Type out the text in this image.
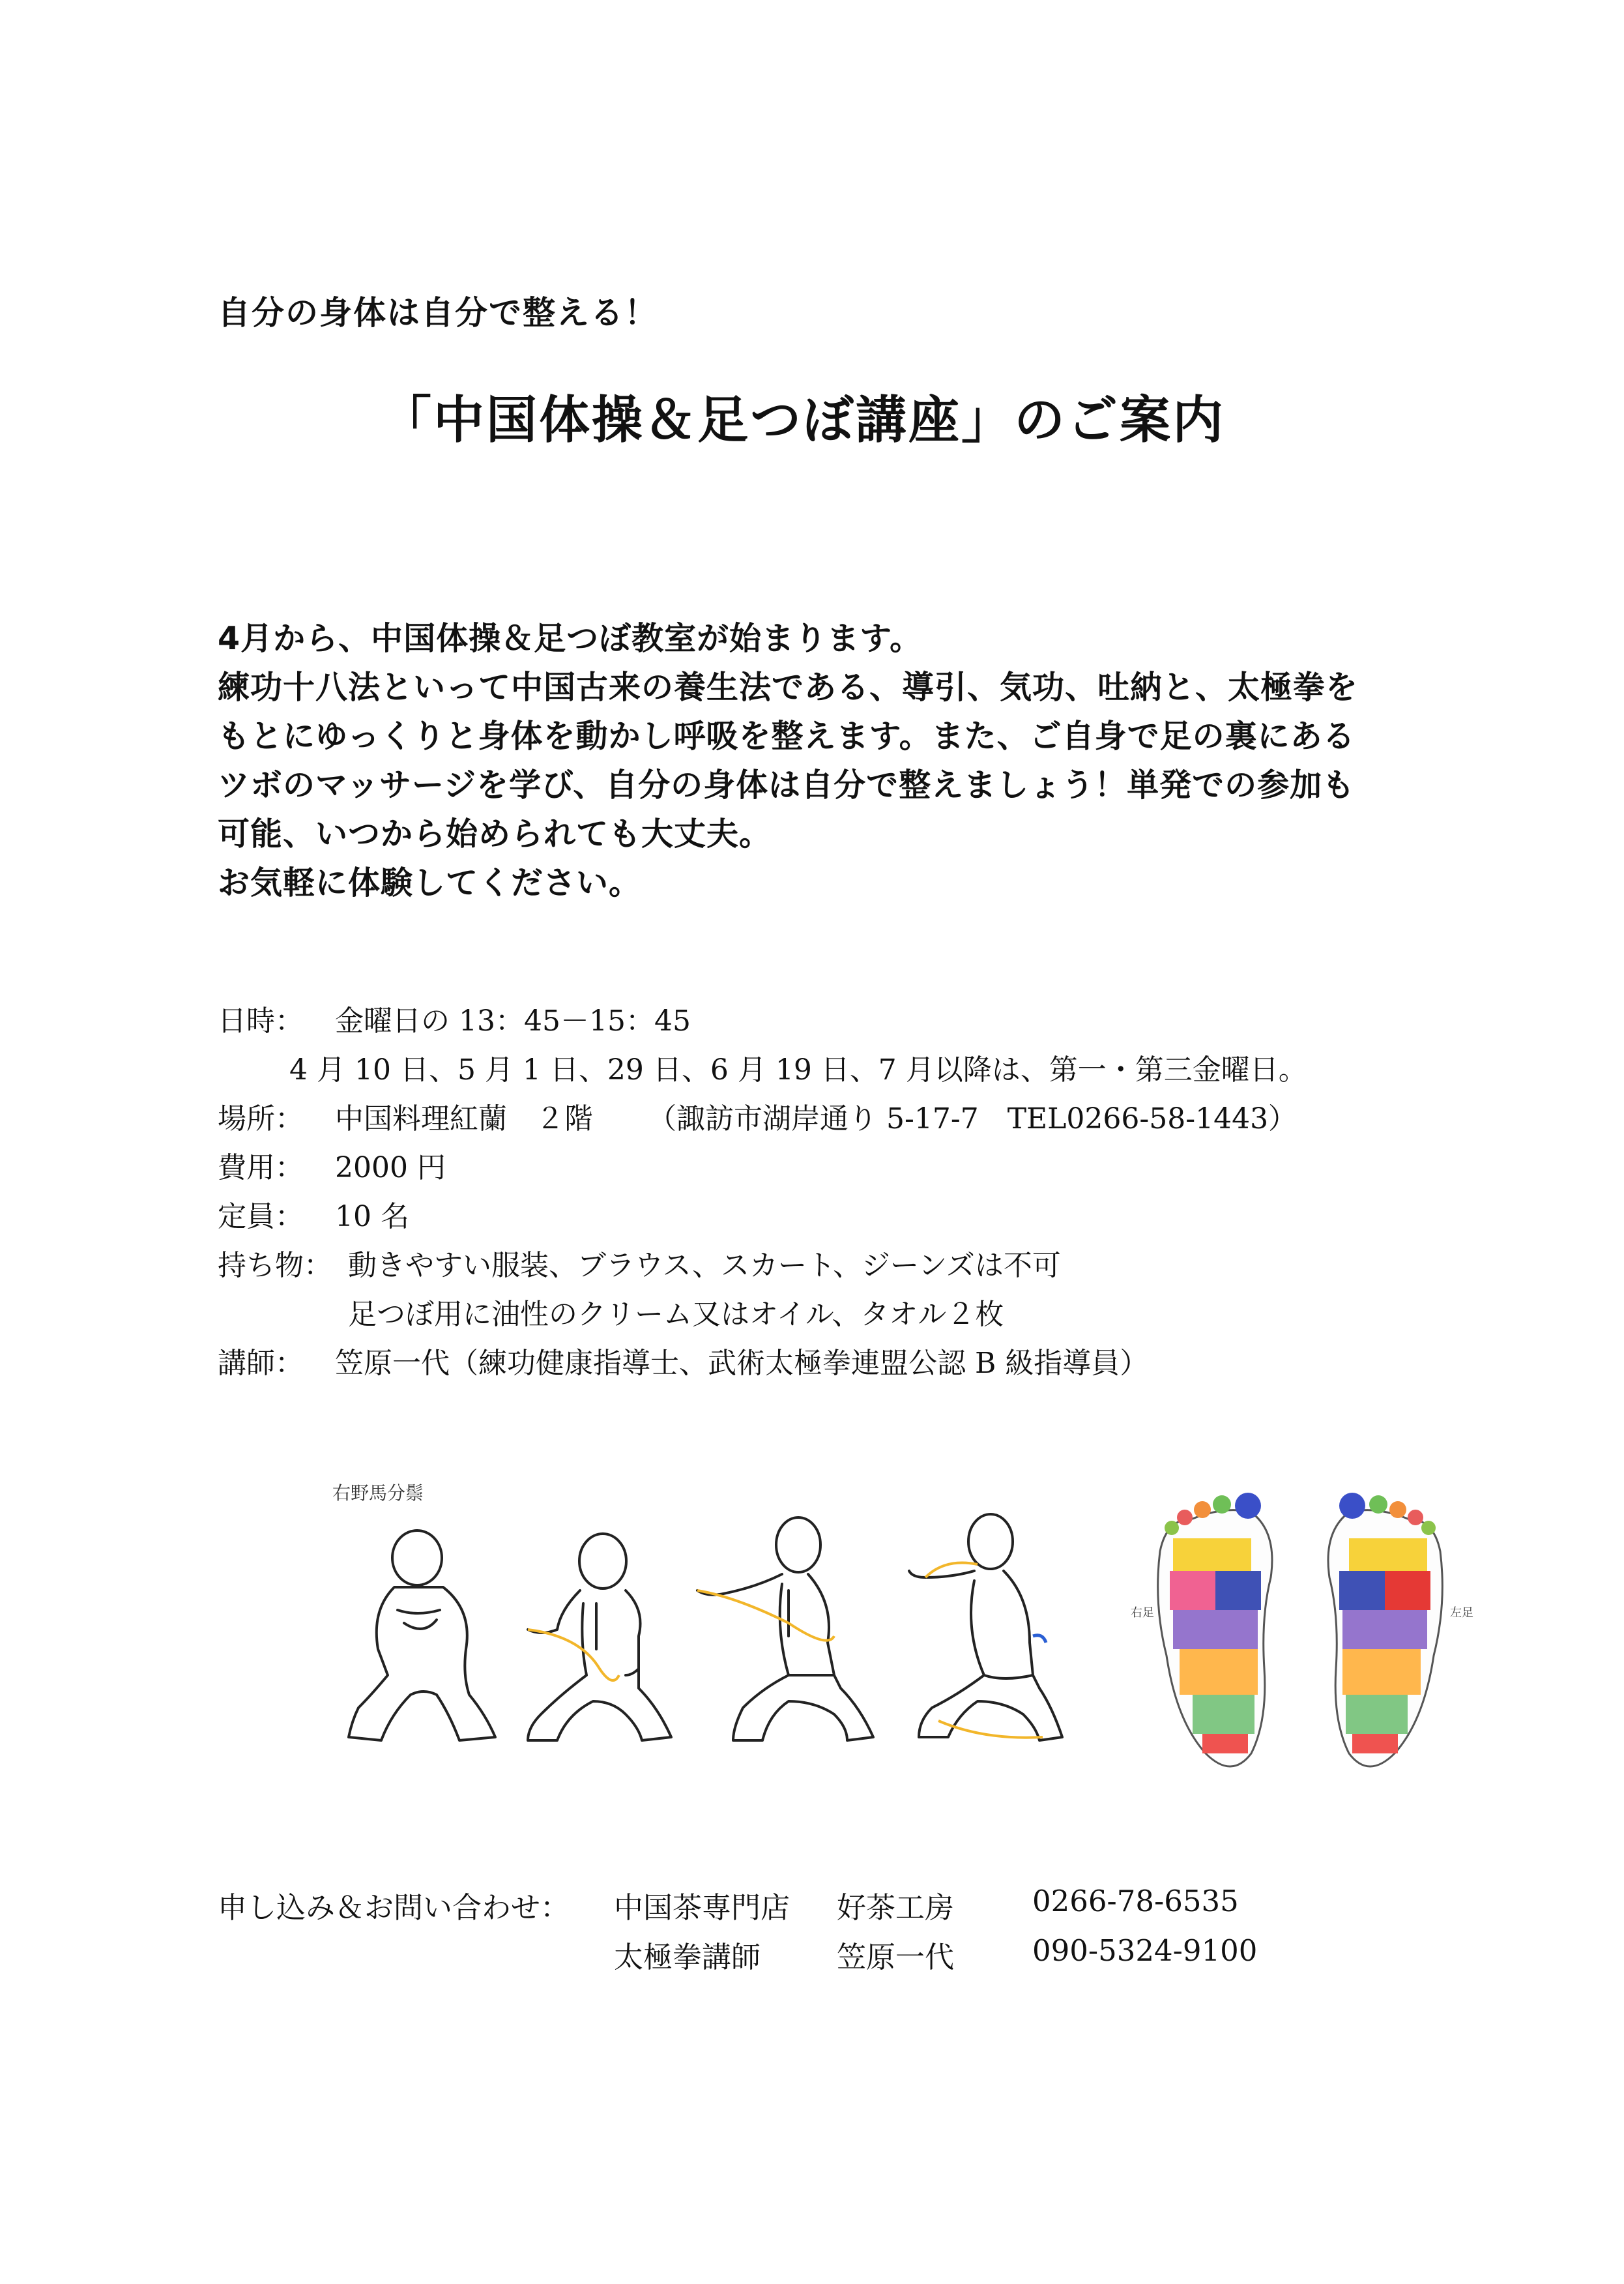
自分の身体は自分で整える！
「中国体操＆足つぼ講座」のご案内
4月から、中国体操＆足つぼ教室が始まります。
練功十八法といって中国古来の養生法である、導引、気功、吐納と、太極拳を
もとにゆっくりと身体を動かし呼吸を整えます。また、ご自身で足の裏にある
ツボのマッサージを学び、自分の身体は自分で整えましょう！単発での参加も
可能、いつから始められても大丈夫。
お気軽に体験してください。
日時： 金曜日の 13：45－15：45
4 月 10 日、5 月 1 日、29 日、6 月 19 日、7 月以降は、第一・第三金曜日。
場所： 中国料理紅蘭　２階 （諏訪市湖岸通り 5-17-7　TEL0266-58-1443）
費用： 2000 円
定員： 10 名
持ち物： 動きやすい服装、ブラウス、スカート、ジーンズは不可
足つぼ用に油性のクリーム又はオイル、タオル２枚
講師： 笠原一代（練功健康指導士、武術太極拳連盟公認 B 級指導員）
右野馬分鬃
右足	左足
申し込み＆お問い合わせ： 中国茶専門店 好茶工房	0266-78-6535
太極拳講師	笠原一代	090-5324-9100
